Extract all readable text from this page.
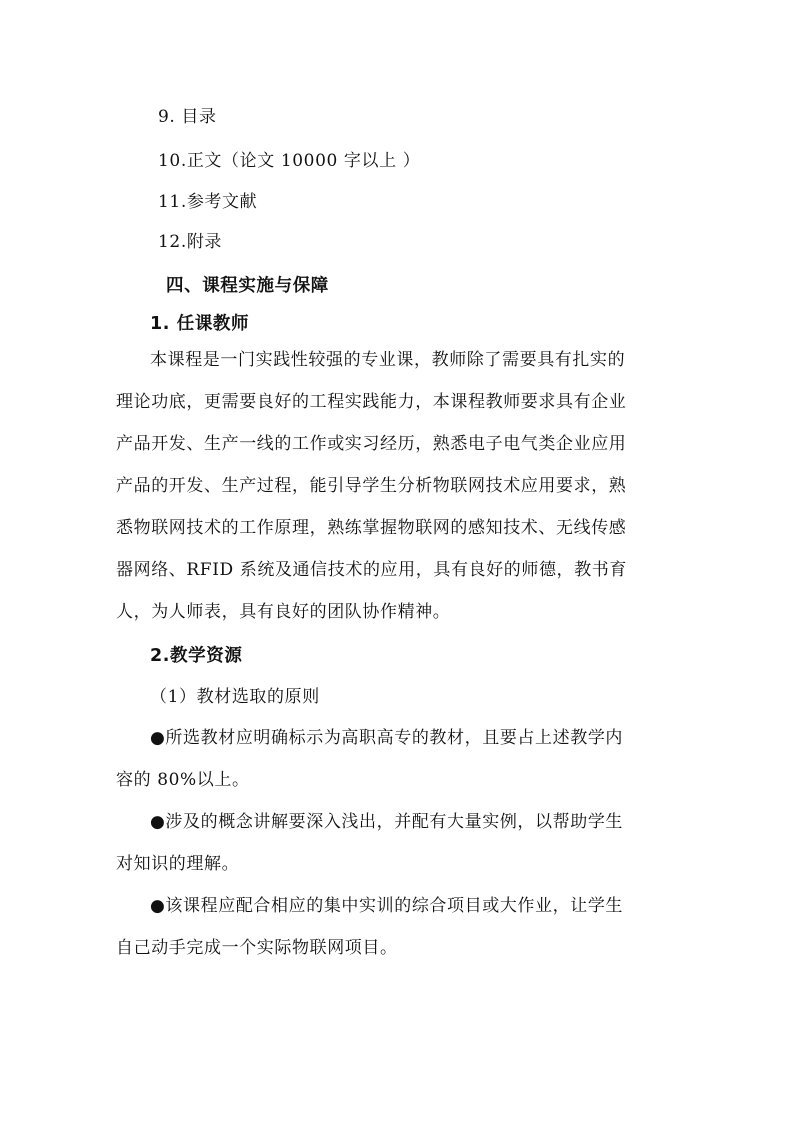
9. 目录
10.正文（论文 10000 字以上 ）
11.参考文献
12.附录
四、课程实施与保障
1. 任课教师
本课程是一门实践性较强的专业课，教师除了需要具有扎实的
理论功底，更需要良好的工程实践能力，本课程教师要求具有企业
产品开发、生产一线的工作或实习经历，熟悉电子电气类企业应用
产品的开发、生产过程，能引导学生分析物联网技术应用要求，熟
悉物联网技术的工作原理，熟练掌握物联网的感知技术、无线传感
器网络、RFID 系统及通信技术的应用，具有良好的师德，教书育
人，为人师表，具有良好的团队协作精神。
2.教学资源
（1）教材选取的原则
●所选教材应明确标示为高职高专的教材，且要占上述教学内
容的 80%以上。
●涉及的概念讲解要深入浅出，并配有大量实例，以帮助学生
对知识的理解。
●该课程应配合相应的集中实训的综合项目或大作业，让学生
自己动手完成一个实际物联网项目。
